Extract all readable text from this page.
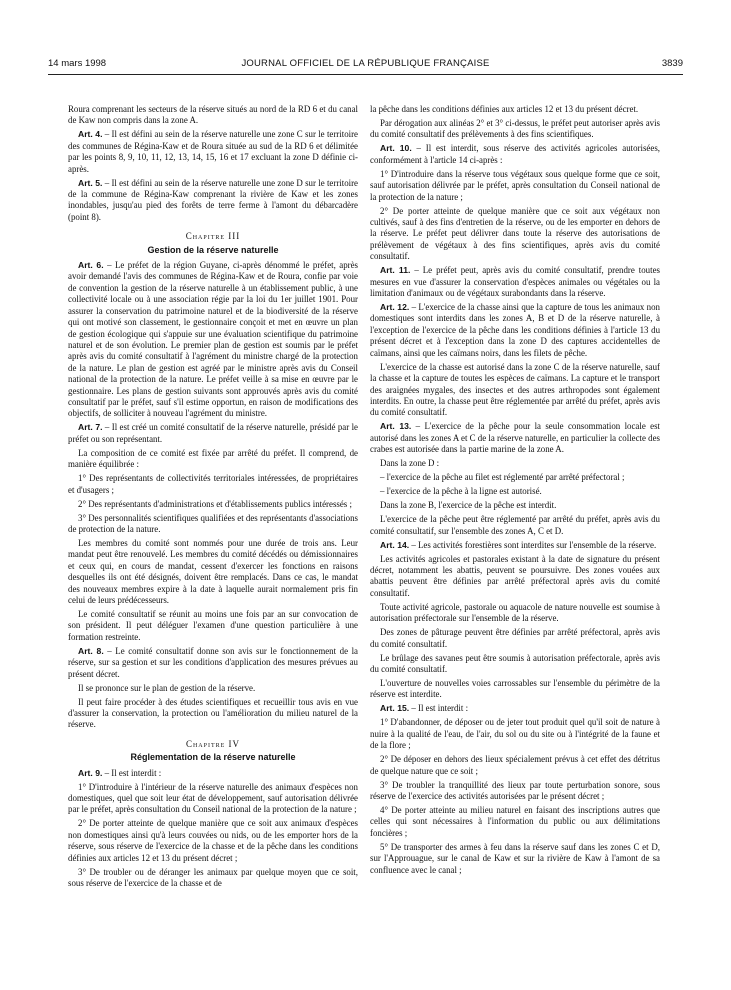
14 mars 1998	JOURNAL OFFICIEL DE LA RÉPUBLIQUE FRANÇAISE	3839

Roura comprenant les secteurs de la réserve situés au nord de la RD 6 et du canal de Kaw non compris dans la zone A.

Art. 4. – Il est défini au sein de la réserve naturelle une zone C sur le territoire des communes de Régina-Kaw et de Roura située au sud de la RD 6 et délimitée par les points 8, 9, 10, 11, 12, 13, 14, 15, 16 et 17 excluant la zone D définie ci-après.

Art. 5. – Il est défini au sein de la réserve naturelle une zone D sur le territoire de la commune de Régina-Kaw comprenant la rivière de Kaw et les zones inondables, jusqu'au pied des forêts de terre ferme à l'amont du débarcadère (point 8).

Chapitre III
Gestion de la réserve naturelle

Art. 6. – Le préfet de la région Guyane, ci-après dénommé le préfet, après avoir demandé l'avis des communes de Régina-Kaw et de Roura, confie par voie de convention la gestion de la réserve naturelle à un établissement public, à une collectivité locale ou à une association régie par la loi du 1er juillet 1901. Pour assurer la conservation du patrimoine naturel et de la biodiversité de la réserve qui ont motivé son classement, le gestionnaire conçoit et met en œuvre un plan de gestion écologique qui s'appuie sur une évaluation scientifique du patrimoine naturel et de son évolution. Le premier plan de gestion est soumis par le préfet après avis du comité consultatif à l'agrément du ministre chargé de la protection de la nature. Le plan de gestion est agréé par le ministre après avis du Conseil national de la protection de la nature. Le préfet veille à sa mise en œuvre par le gestionnaire. Les plans de gestion suivants sont approuvés après avis du comité consultatif par le préfet, sauf s'il estime opportun, en raison de modifications des objectifs, de solliciter à nouveau l'agrément du ministre.

Art. 7. – Il est créé un comité consultatif de la réserve naturelle, présidé par le préfet ou son représentant.

La composition de ce comité est fixée par arrêté du préfet. Il comprend, de manière équilibrée :

1° Des représentants de collectivités territoriales intéressées, de propriétaires et d'usagers ;

2° Des représentants d'administrations et d'établissements publics intéressés ;

3° Des personnalités scientifiques qualifiées et des représentants d'associations de protection de la nature.

Les membres du comité sont nommés pour une durée de trois ans. Leur mandat peut être renouvelé. Les membres du comité décédés ou démissionnaires et ceux qui, en cours de mandat, cessent d'exercer les fonctions en raisons desquelles ils ont été désignés, doivent être remplacés. Dans ce cas, le mandat des nouveaux membres expire à la date à laquelle aurait normalement pris fin celui de leurs prédécesseurs.

Le comité consultatif se réunit au moins une fois par an sur convocation de son président. Il peut déléguer l'examen d'une question particulière à une formation restreinte.

Art. 8. – Le comité consultatif donne son avis sur le fonctionnement de la réserve, sur sa gestion et sur les conditions d'application des mesures prévues au présent décret.

Il se prononce sur le plan de gestion de la réserve.

Il peut faire procéder à des études scientifiques et recueillir tous avis en vue d'assurer la conservation, la protection ou l'amélioration du milieu naturel de la réserve.

Chapitre IV
Réglementation de la réserve naturelle

Art. 9. – Il est interdit :

1° D'introduire à l'intérieur de la réserve naturelle des animaux d'espèces non domestiques, quel que soit leur état de développement, sauf autorisation délivrée par le préfet, après consultation du Conseil national de la protection de la nature ;

2° De porter atteinte de quelque manière que ce soit aux animaux d'espèces non domestiques ainsi qu'à leurs couvées ou nids, ou de les emporter hors de la réserve, sous réserve de l'exercice de la chasse et de la pêche dans les conditions définies aux articles 12 et 13 du présent décret ;

3° De troubler ou de déranger les animaux par quelque moyen que ce soit, sous réserve de l'exercice de la chasse et de

la pêche dans les conditions définies aux articles 12 et 13 du présent décret.

Par dérogation aux alinéas 2° et 3° ci-dessus, le préfet peut autoriser après avis du comité consultatif des prélèvements à des fins scientifiques.

Art. 10. – Il est interdit, sous réserve des activités agricoles autorisées, conformément à l'article 14 ci-après :

1° D'introduire dans la réserve tous végétaux sous quelque forme que ce soit, sauf autorisation délivrée par le préfet, après consultation du Conseil national de la protection de la nature ;

2° De porter atteinte de quelque manière que ce soit aux végétaux non cultivés, sauf à des fins d'entretien de la réserve, ou de les emporter en dehors de la réserve. Le préfet peut délivrer dans toute la réserve des autorisations de prélèvement de végétaux à des fins scientifiques, après avis du comité consultatif.

Art. 11. – Le préfet peut, après avis du comité consultatif, prendre toutes mesures en vue d'assurer la conservation d'espèces animales ou végétales ou la limitation d'animaux ou de végétaux surabondants dans la réserve.

Art. 12. – L'exercice de la chasse ainsi que la capture de tous les animaux non domestiques sont interdits dans les zones A, B et D de la réserve naturelle, à l'exception de l'exercice de la pêche dans les conditions définies à l'article 13 du présent décret et à l'exception dans la zone D des captures accidentelles de caïmans, ainsi que les caïmans noirs, dans les filets de pêche.

L'exercice de la chasse est autorisé dans la zone C de la réserve naturelle, sauf la chasse et la capture de toutes les espèces de caïmans. La capture et le transport des araignées mygales, des insectes et des autres arthropodes sont également interdits. En outre, la chasse peut être réglementée par arrêté du préfet, après avis du comité consultatif.

Art. 13. – L'exercice de la pêche pour la seule consommation locale est autorisé dans les zones A et C de la réserve naturelle, en particulier la collecte des crabes est autorisée dans la partie marine de la zone A.

Dans la zone D :

– l'exercice de la pêche au filet est réglementé par arrêté préfectoral ;

– l'exercice de la pêche à la ligne est autorisé.

Dans la zone B, l'exercice de la pêche est interdit.

L'exercice de la pêche peut être réglementé par arrêté du préfet, après avis du comité consultatif, sur l'ensemble des zones A, C et D.

Art. 14. – Les activités forestières sont interdites sur l'ensemble de la réserve.

Les activités agricoles et pastorales existant à la date de signature du présent décret, notamment les abattis, peuvent se poursuivre. Des zones vouées aux abattis peuvent être définies par arrêté préfectoral après avis du comité consultatif.

Toute activité agricole, pastorale ou aquacole de nature nouvelle est soumise à autorisation préfectorale sur l'ensemble de la réserve.

Des zones de pâturage peuvent être définies par arrêté préfectoral, après avis du comité consultatif.

Le brûlage des savanes peut être soumis à autorisation préfectorale, après avis du comité consultatif.

L'ouverture de nouvelles voies carrossables sur l'ensemble du périmètre de la réserve est interdite.

Art. 15. – Il est interdit :

1° D'abandonner, de déposer ou de jeter tout produit quel qu'il soit de nature à nuire à la qualité de l'eau, de l'air, du sol ou du site ou à l'intégrité de la faune et de la flore ;

2° De déposer en dehors des lieux spécialement prévus à cet effet des détritus de quelque nature que ce soit ;

3° De troubler la tranquillité des lieux par toute perturbation sonore, sous réserve de l'exercice des activités autorisées par le présent décret ;

4° De porter atteinte au milieu naturel en faisant des inscriptions autres que celles qui sont nécessaires à l'information du public ou aux délimitations foncières ;

5° De transporter des armes à feu dans la réserve sauf dans les zones C et D, sur l'Approuague, sur le canal de Kaw et sur la rivière de Kaw à l'amont de sa confluence avec le canal ;
